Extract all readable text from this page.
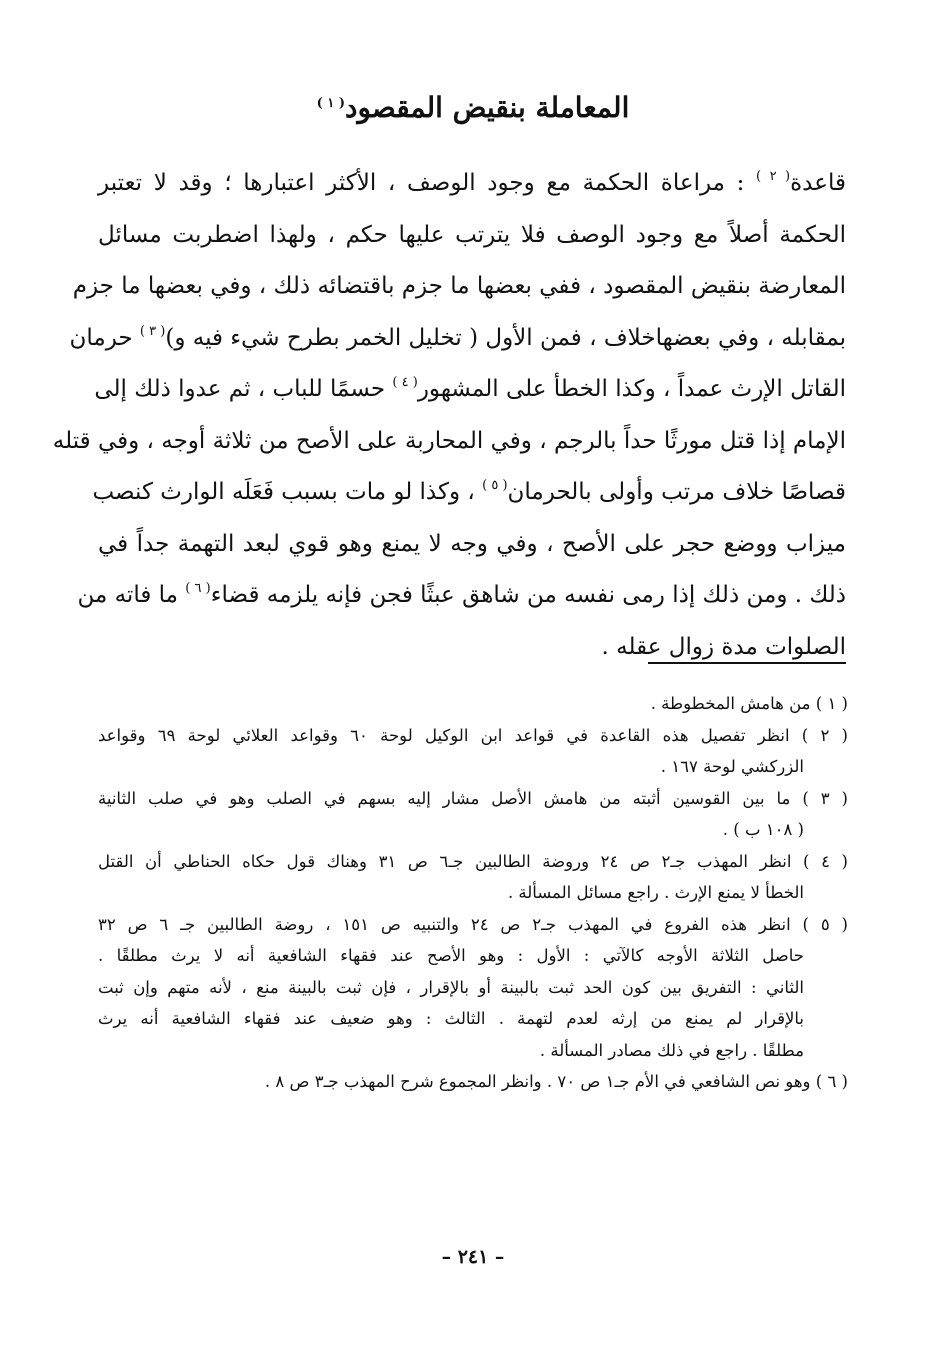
المعاملة بنقيض المقصود$^{( ١ )}$
قاعدة$^{( ٢ )}$ : مراعاة الحكمة مع وجود الوصف ، الأكثر اعتبارها ؛ وقد لا تعتبر
الحكمة أصلاً مع وجود الوصف فلا يترتب عليها حكم ، ولهذا اضطربت مسائل
المعارضة بنقيض المقصود ، ففي بعضها ما جزم باقتضائه ذلك ، وفي بعضها ما جزم
بمقابله ، وفي بعضهاخلاف ، فمن الأول ( تخليل الخمر بطرح شيء فيه و)$^{( ٣ )}$ حرمان
القاتل الإرث عمداً ، وكذا الخطأ على المشهور$^{( ٤ )}$ حسمًا للباب ، ثم عدوا ذلك إلى
الإمام إذا قتل مورثًا حداً بالرجم ، وفي المحاربة على الأصح من ثلاثة أوجه ، وفي قتله
قصاصًا خلاف مرتب وأولى بالحرمان$^{( ٥ )}$ ، وكذا لو مات بسبب فَعَلَه الوارث كنصب
ميزاب ووضع حجر على الأصح ، وفي وجه لا يمنع وهو قوي لبعد التهمة جداً في
ذلك . ومن ذلك إذا رمى نفسه من شاهق عبثًا فجن فإنه يلزمه قضاء$^{( ٦ )}$ ما فاته من
الصلوات مدة زوال عقله .
( ١ ) من هامش المخطوطة .
( ٢ ) انظر تفصيل هذه القاعدة في قواعد ابن الوكيل لوحة ٦٠ وقواعد العلائي لوحة ٦٩ وقواعد
الزركشي لوحة ١٦٧ .
( ٣ ) ما بين القوسين أثبته من هامش الأصل مشار إليه بسهم في الصلب وهو في صلب الثانية
( ١٠٨ ب ) .
( ٤ ) انظر المهذب جـ٢ ص ٢٤ وروضة الطالبين جـ٦ ص ٣١ وهناك قول حكاه الحناطي أن القتل
الخطأ لا يمنع الإرث . راجع مسائل المسألة .
( ٥ ) انظر هذه الفروع في المهذب جـ٢ ص ٢٤ والتنبيه ص ١٥١ ، روضة الطالبين جـ ٦ ص ٣٢
حاصل الثلاثة الأوجه كالآتي : الأول : وهو الأصح عند فقهاء الشافعية أنه لا يرث مطلقًا .
الثاني : التفريق بين كون الحد ثبت بالبينة أو بالإقرار ، فإن ثبت بالبينة منع ، لأنه متهم وإن ثبت
بالإقرار لم يمنع من إرثه لعدم لتهمة . الثالث : وهو ضعيف عند فقهاء الشافعية أنه يرث
مطلقًا . راجع في ذلك مصادر المسألة .
( ٦ ) وهو نص الشافعي في الأم جـ١ ص ٧٠ . وانظر المجموع شرح المهذب جـ٣ ص ٨ .
– ٢٤١ –
